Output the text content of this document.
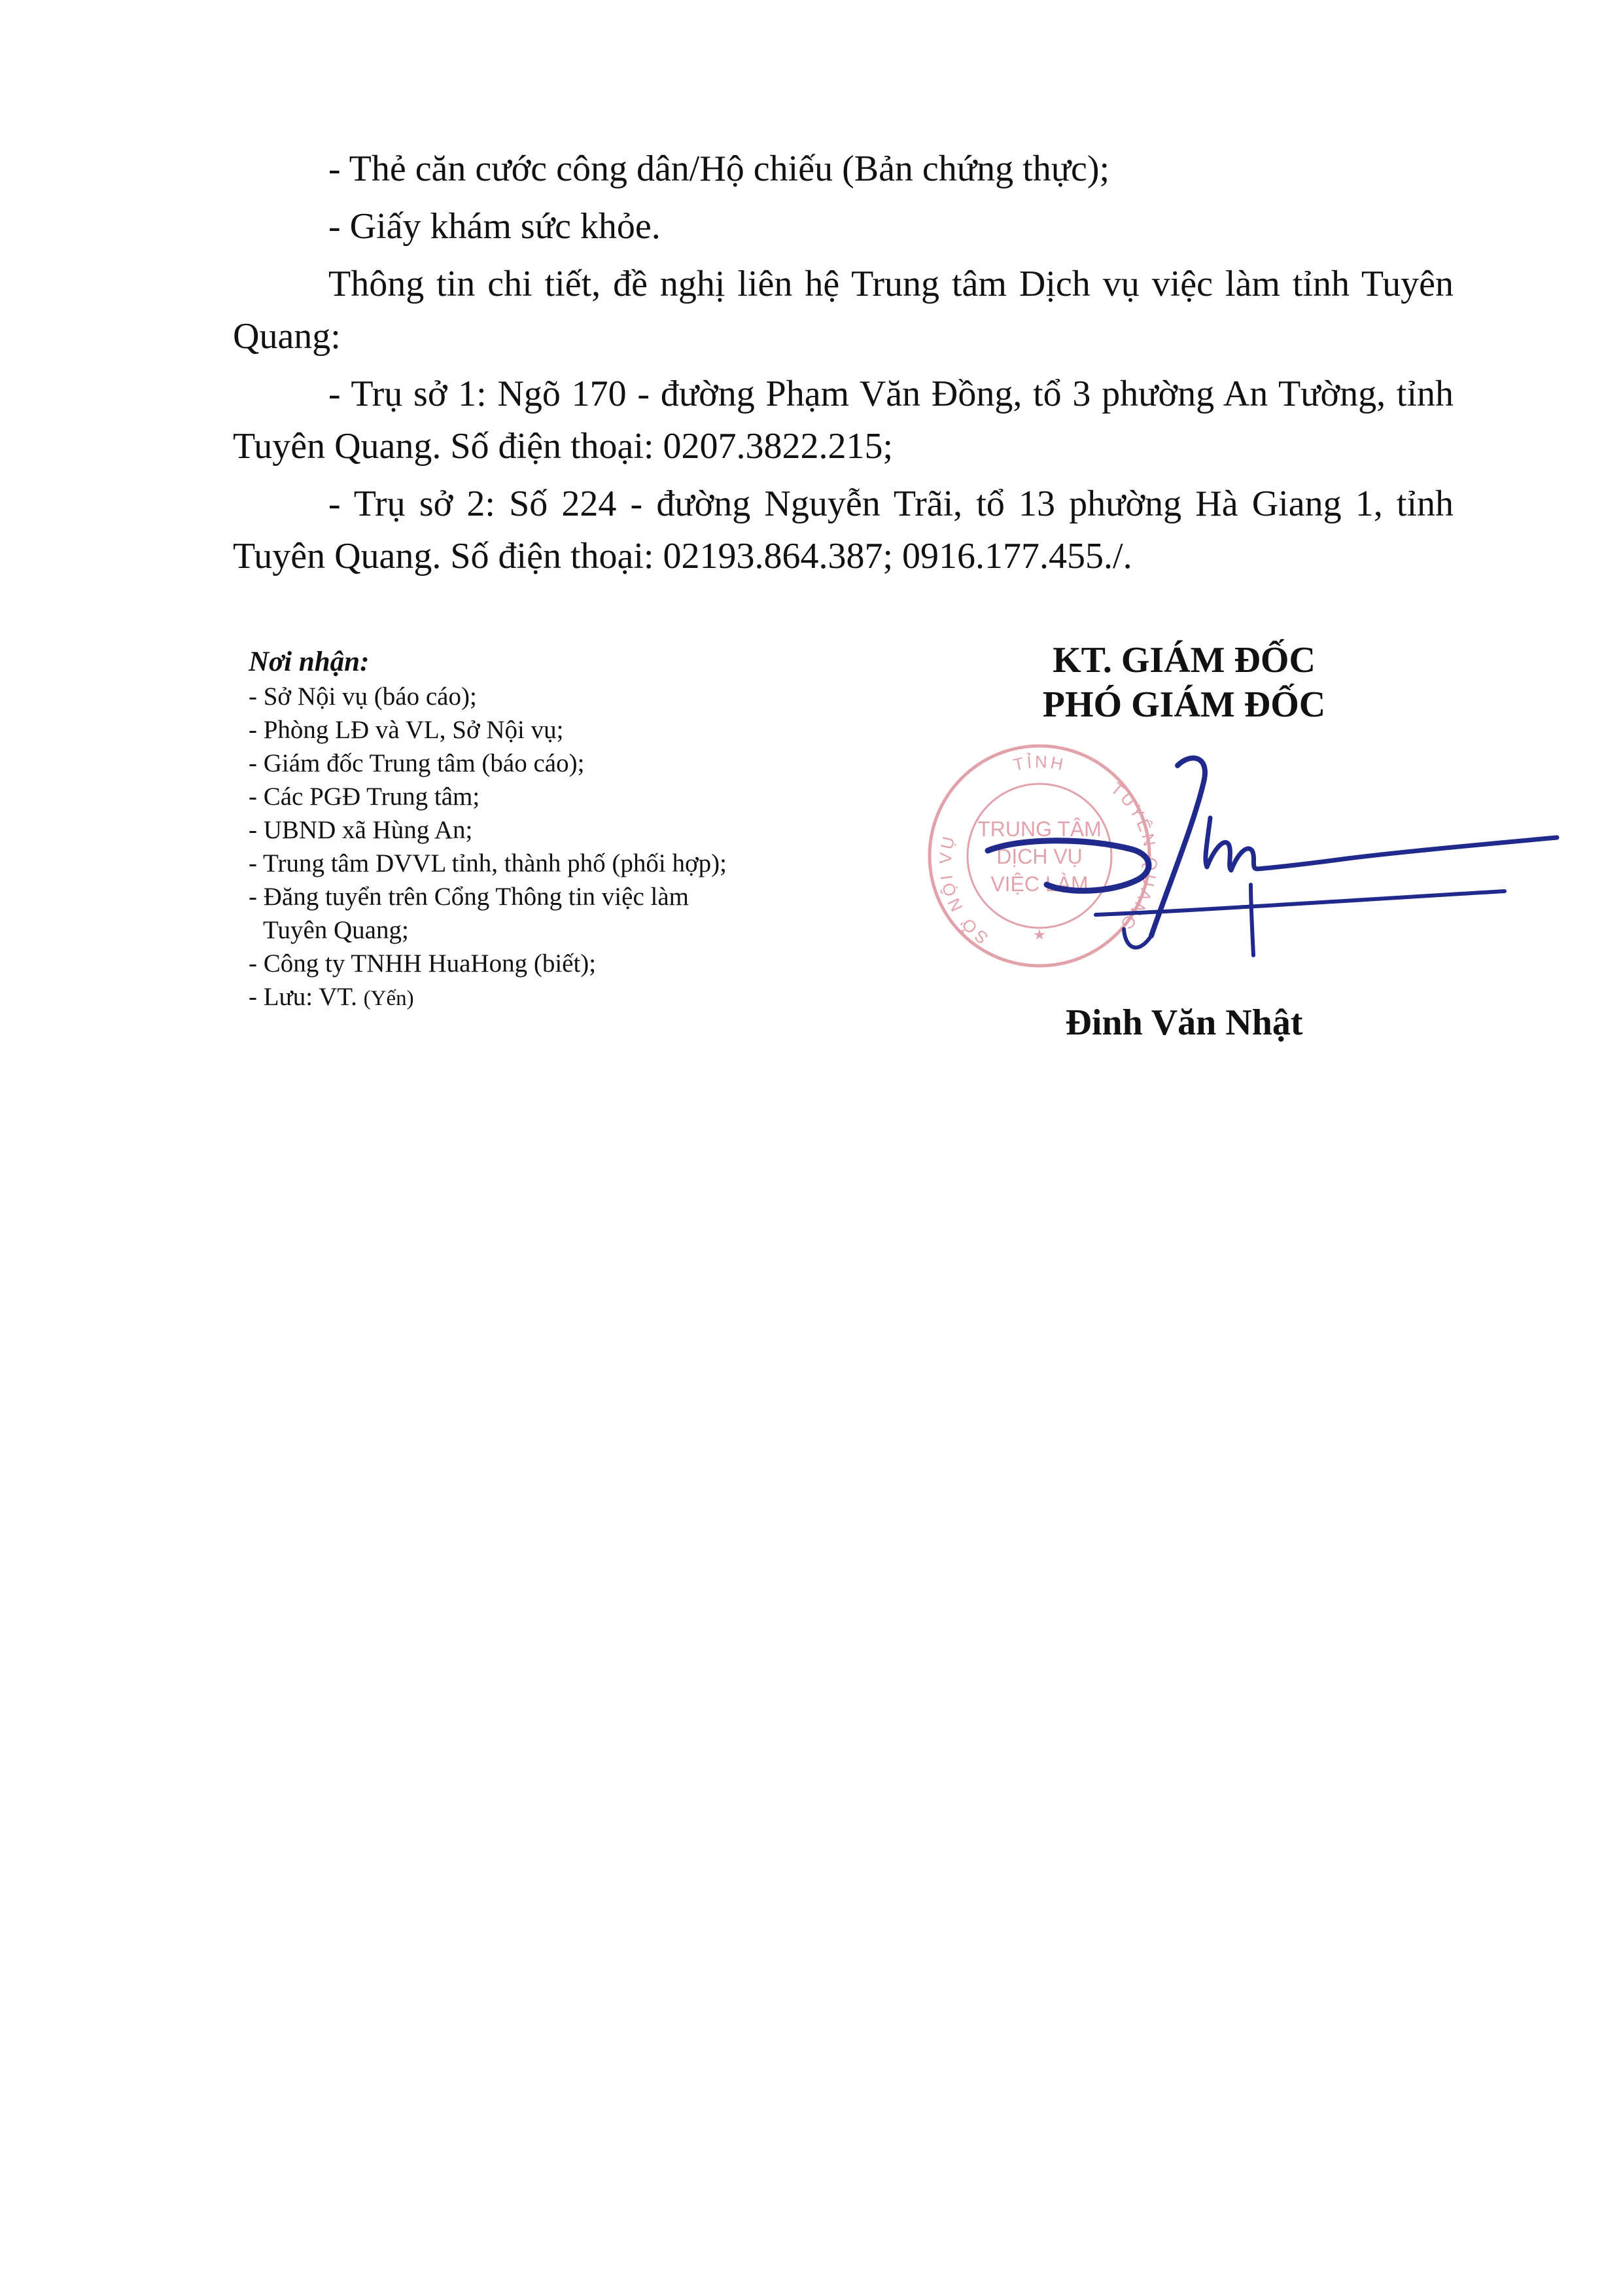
- Thẻ căn cước công dân/Hộ chiếu (Bản chứng thực);

- Giấy khám sức khỏe.

Thông tin chi tiết, đề nghị liên hệ Trung tâm Dịch vụ việc làm tỉnh Tuyên Quang:

- Trụ sở 1: Ngõ 170 - đường Phạm Văn Đồng, tổ 3 phường An Tường, tỉnh Tuyên Quang. Số điện thoại: 0207.3822.215;

- Trụ sở 2: Số 224 - đường Nguyễn Trãi, tổ 13 phường Hà Giang 1, tỉnh Tuyên Quang. Số điện thoại: 02193.864.387; 0916.177.455./.

Nơi nhận:
- Sở Nội vụ (báo cáo);
- Phòng LĐ và VL, Sở Nội vụ;
- Giám đốc Trung tâm (báo cáo);
- Các PGĐ Trung tâm;
- UBND xã Hùng An;
- Trung tâm DVVL tỉnh, thành phố (phối hợp);
- Đăng tuyển trên Cổng Thông tin việc làm
Tuyên Quang;
- Công ty TNHH HuaHong (biết);
- Lưu: VT. (Yến)
KT. GIÁM ĐỐC
PHÓ GIÁM ĐỐC
TỈNH
SỞ NỘI VỤ
TUYÊN QUANG
TRUNG TÂM
DỊCH VỤ
VIỆC LÀM
★
Đinh Văn Nhật
